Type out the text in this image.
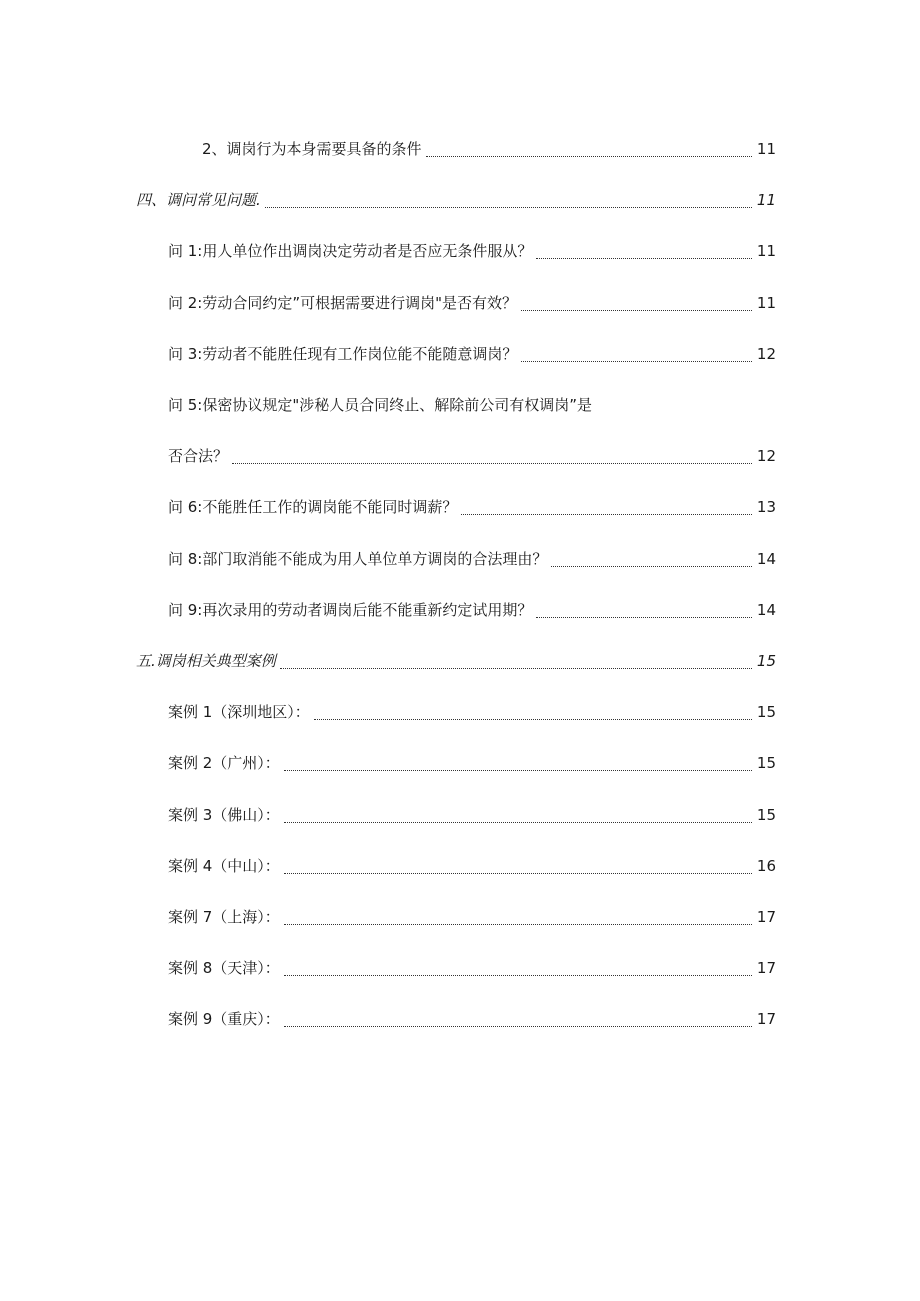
2、调岗行为本身需要具备的条件	11
四、调问常见问题.	11
问 1:用人单位作出调岗决定劳动者是否应无条件服从？	11
问 2:劳动合同约定”可根据需要进行调岗"是否有效？	11
问 3:劳动者不能胜任现有工作岗位能不能随意调岗？	12
问 5:保密协议规定"涉秘人员合同终止、解除前公司有权调岗”是
否合法？	12
问 6:不能胜任工作的调岗能不能同时调薪？	13
问 8:部门取消能不能成为用人单位单方调岗的合法理由？	14
问 9:再次录用的劳动者调岗后能不能重新约定试用期？	14
五.调岗相关典型案例	15
案例 1（深圳地区）：	15
案例 2（广州）：	15
案例 3（佛山）：	15
案例 4（中山）：	16
案例 7（上海）：	17
案例 8（天津）：	17
案例 9（重庆）：	17
